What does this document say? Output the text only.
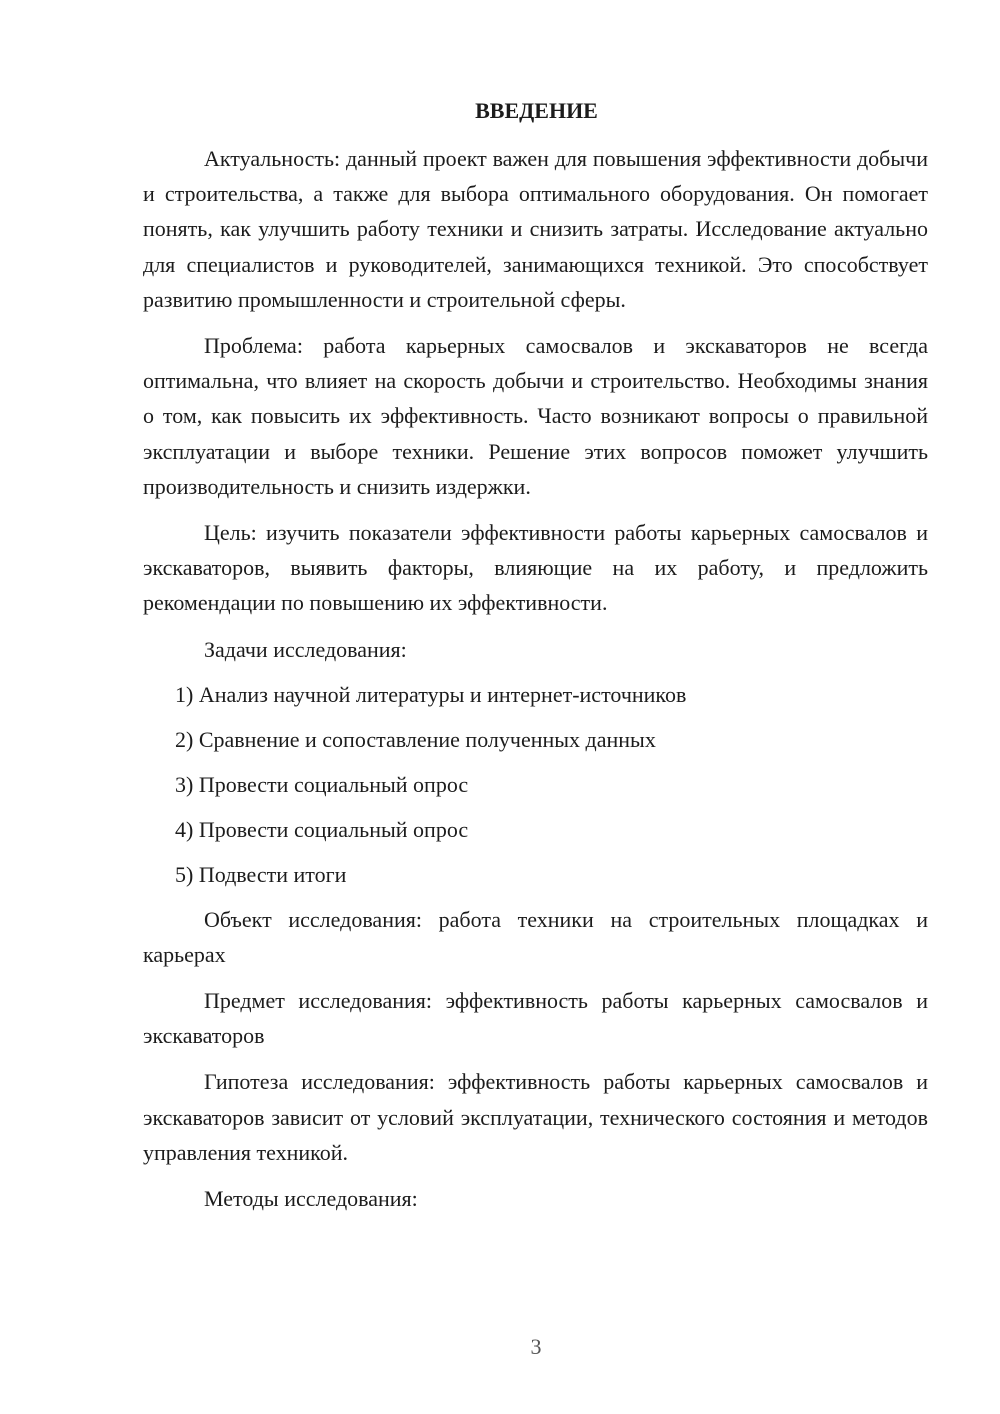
ВВЕДЕНИЕ

Актуальность: данный проект важен для повышения эффективности добычи и строительства, а также для выбора оптимального оборудования. Он помогает понять, как улучшить работу техники и снизить затраты. Исследование актуально для специалистов и руководителей, занимающихся техникой. Это способствует развитию промышленности и строительной сферы.

Проблема: работа карьерных самосвалов и экскаваторов не всегда оптимальна, что влияет на скорость добычи и строительство. Необходимы знания о том, как повысить их эффективность. Часто возникают вопросы о правильной эксплуатации и выборе техники. Решение этих вопросов поможет улучшить производительность и снизить издержки.

Цель: изучить показатели эффективности работы карьерных самосвалов и экскаваторов, выявить факторы, влияющие на их работу, и предложить рекомендации по повышению их эффективности.

Задачи исследования:
1) Анализ научной литературы и интернет-источников
2) Сравнение и сопоставление полученных данных
3) Провести социальный опрос
4) Провести социальный опрос
5) Подвести итоги

Объект исследования: работа техники на строительных площадках и карьерах

Предмет исследования: эффективность работы карьерных самосвалов и экскаваторов

Гипотеза исследования: эффективность работы карьерных самосвалов и экскаваторов зависит от условий эксплуатации, технического состояния и методов управления техникой.

Методы исследования:
3
